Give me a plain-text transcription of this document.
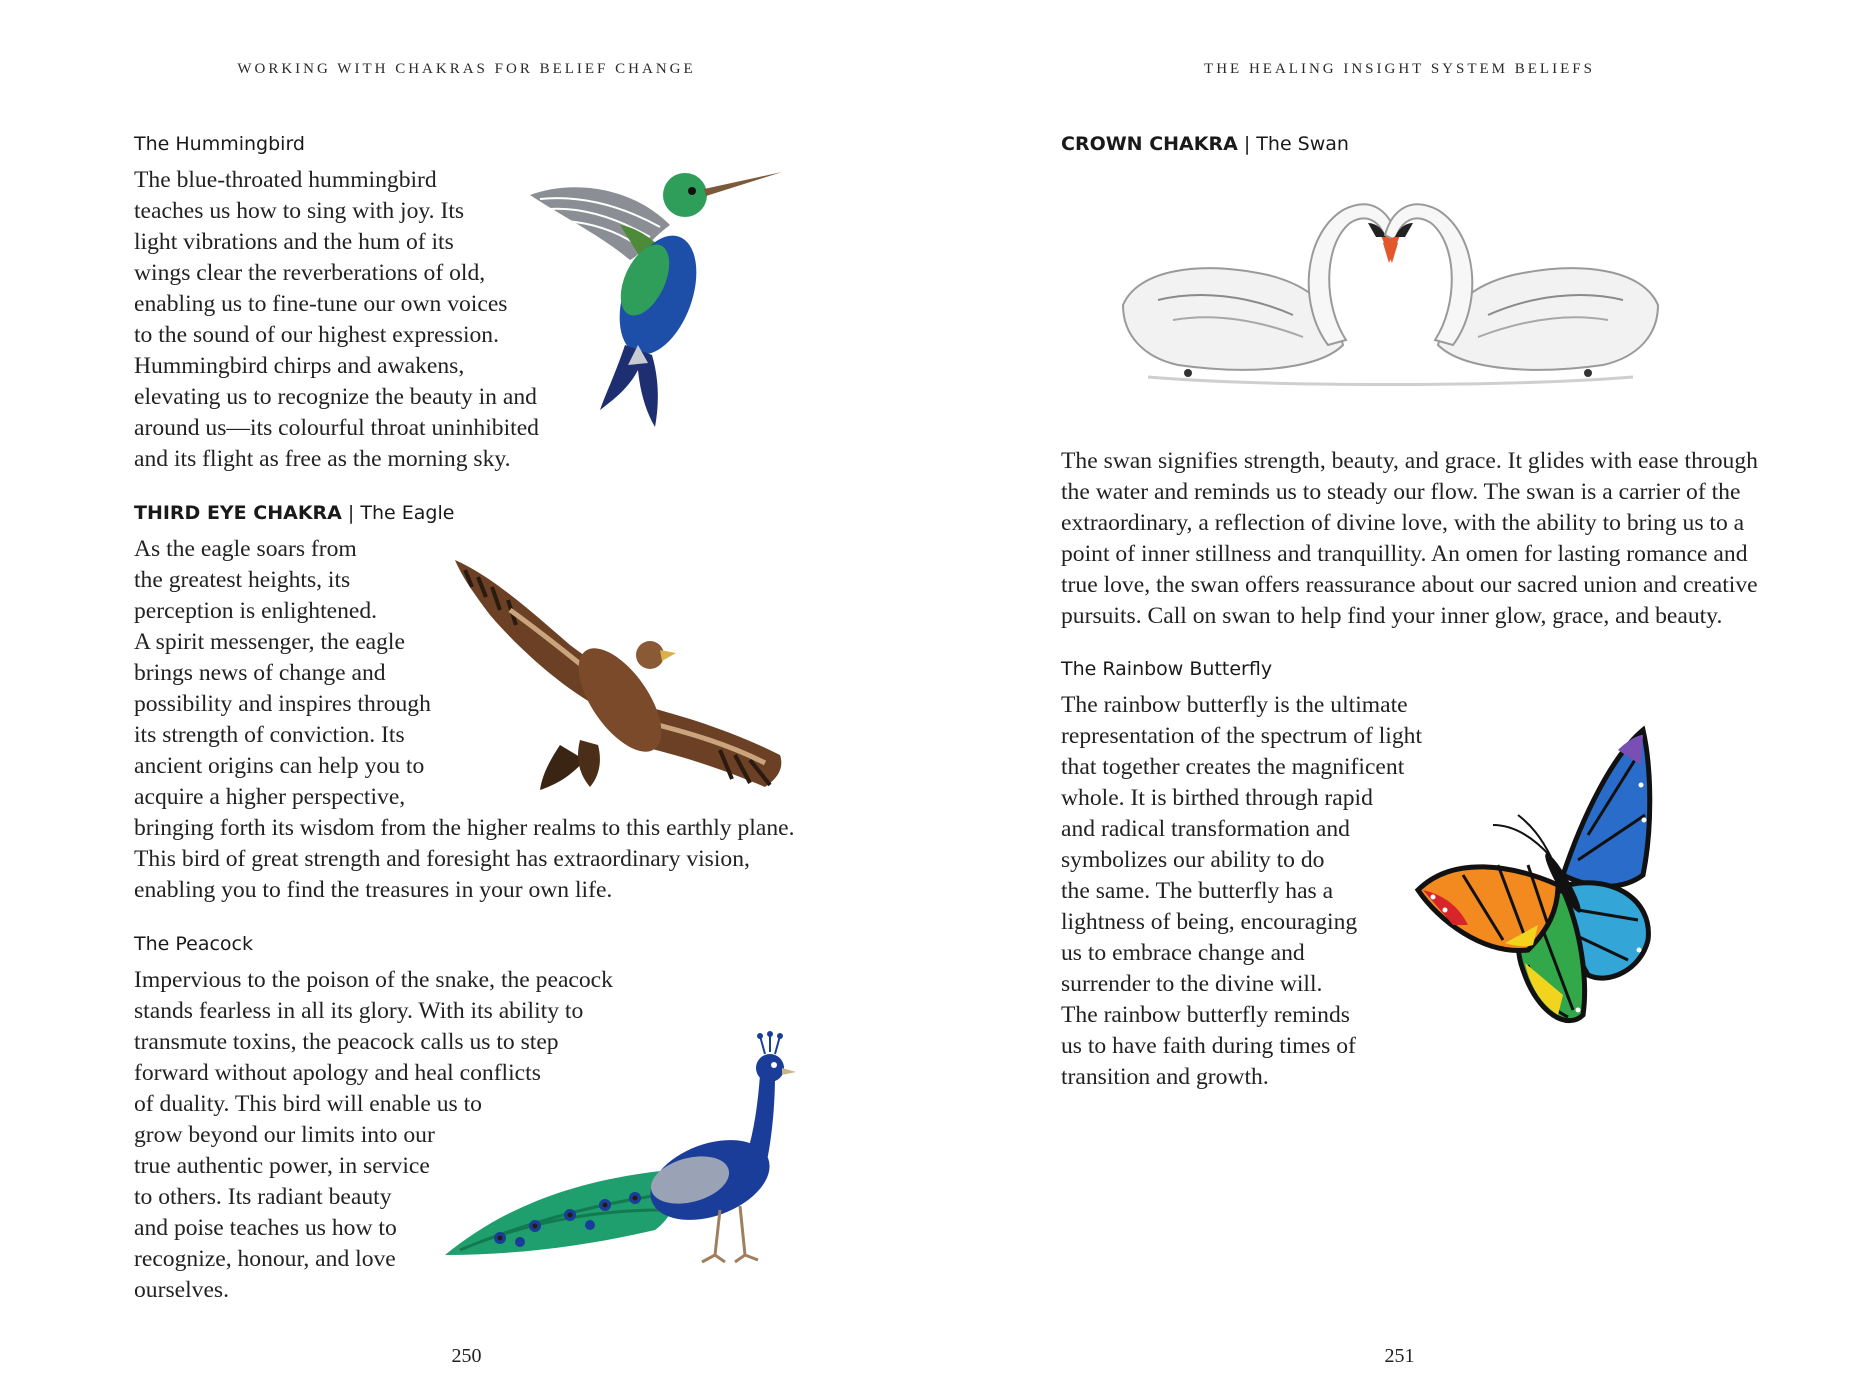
WORKING WITH CHAKRAS FOR BELIEF CHANGE
The Hummingbird
The blue-throated hummingbird
teaches us how to sing with joy. Its
light vibrations and the hum of its
wings clear the reverberations of old,
enabling us to fine-tune our own voices
to the sound of our highest expression.
Hummingbird chirps and awakens,
elevating us to recognize the beauty in and
around us—its colourful throat uninhibited
and its flight as free as the morning sky.
THIRD EYE CHAKRA | The Eagle
As the eagle soars from
the greatest heights, its
perception is enlightened.
A spirit messenger, the eagle
brings news of change and
possibility and inspires through
its strength of conviction. Its
ancient origins can help you to
acquire a higher perspective,
bringing forth its wisdom from the higher realms to this earthly plane.
This bird of great strength and foresight has extraordinary vision,
enabling you to find the treasures in your own life.
The Peacock
Impervious to the poison of the snake, the peacock
stands fearless in all its glory. With its ability to
transmute toxins, the peacock calls us to step
forward without apology and heal conflicts
of duality. This bird will enable us to
grow beyond our limits into our
true authentic power, in service
to others. Its radiant beauty
and poise teaches us how to
recognize, honour, and love
ourselves.
250
THE HEALING INSIGHT SYSTEM BELIEFS
CROWN CHAKRA | The Swan
The swan signifies strength, beauty, and grace. It glides with ease through
the water and reminds us to steady our flow. The swan is a carrier of the
extraordinary, a reflection of divine love, with the ability to bring us to a
point of inner stillness and tranquillity. An omen for lasting romance and
true love, the swan offers reassurance about our sacred union and creative
pursuits. Call on swan to help find your inner glow, grace, and beauty.
The Rainbow Butterfly
The rainbow butterfly is the ultimate
representation of the spectrum of light
that together creates the magnificent
whole. It is birthed through rapid
and radical transformation and
symbolizes our ability to do
the same. The butterfly has a
lightness of being, encouraging
us to embrace change and
surrender to the divine will.
The rainbow butterfly reminds
us to have faith during times of
transition and growth.
251
